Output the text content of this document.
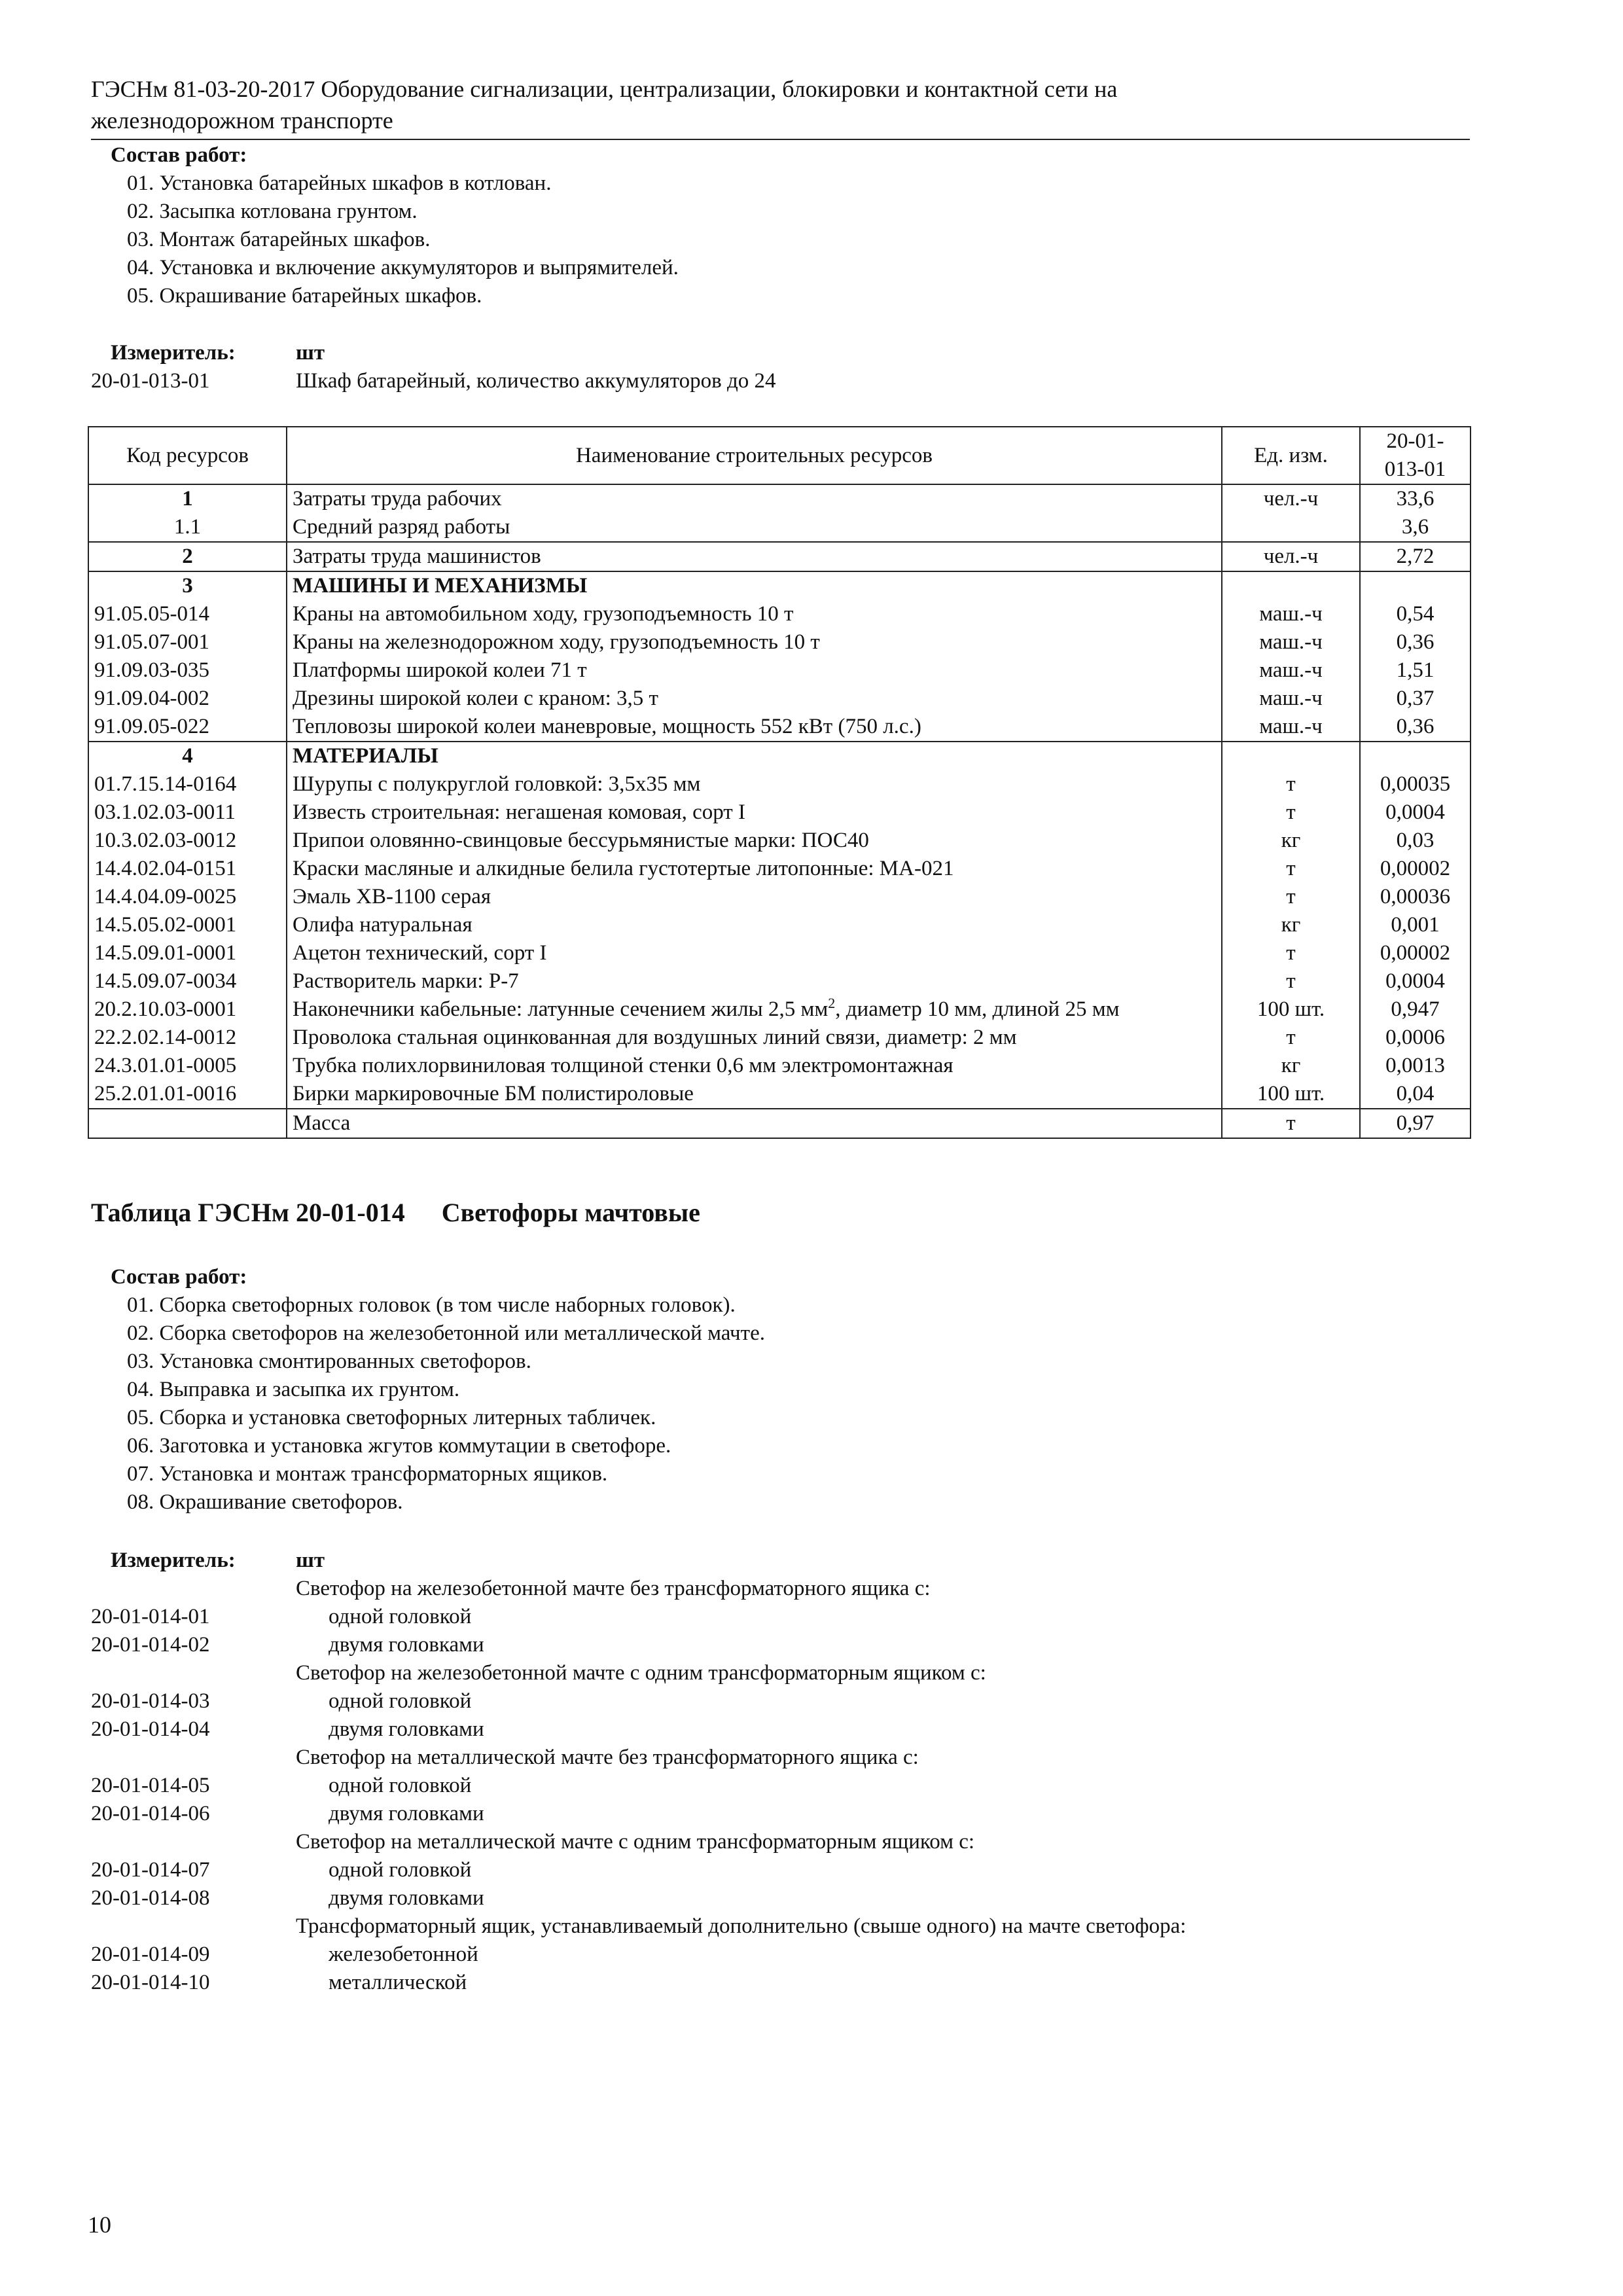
ГЭСНм 81-03-20-2017 Оборудование сигнализации, централизации, блокировки и контактной сети на
железнодорожном транспорте
Состав работ:
01. Установка батарейных шкафов в котлован.
02. Засыпка котлована грунтом.
03. Монтаж батарейных шкафов.
04. Установка и включение аккумуляторов и выпрямителей.
05. Окрашивание батарейных шкафов.
Измеритель:	шт
20-01-013-01	Шкаф батарейный, количество аккумуляторов до 24
Код ресурсов	Наименование строительных ресурсов	Ед. изм.	20-01-
013-01

1	Затраты труда рабочих	чел.-ч	33,6
1.1	Средний разряд работы		3,6
2	Затраты труда машинистов	чел.-ч	2,72
3	МАШИНЫ И МЕХАНИЗМЫ		
91.05.05-014	Краны на автомобильном ходу, грузоподъемность 10 т	маш.-ч	0,54
91.05.07-001	Краны на железнодорожном ходу, грузоподъемность 10 т	маш.-ч	0,36
91.09.03-035	Платформы широкой колеи 71 т	маш.-ч	1,51
91.09.04-002	Дрезины широкой колеи с краном: 3,5 т	маш.-ч	0,37
91.09.05-022	Тепловозы широкой колеи маневровые, мощность 552 кВт (750 л.с.)	маш.-ч	0,36
4	МАТЕРИАЛЫ		
01.7.15.14-0164	Шурупы с полукруглой головкой: 3,5х35 мм	т	0,00035
03.1.02.03-0011	Известь строительная: негашеная комовая, сорт I	т	0,0004
10.3.02.03-0012	Припои оловянно-свинцовые бессурьмянистые марки: ПОС40	кг	0,03
14.4.02.04-0151	Краски масляные и алкидные белила густотертые литопонные: МА-021	т	0,00002
14.4.04.09-0025	Эмаль ХВ-1100 серая	т	0,00036
14.5.05.02-0001	Олифа натуральная	кг	0,001
14.5.09.01-0001	Ацетон технический, сорт I	т	0,00002
14.5.09.07-0034	Растворитель марки: Р-7	т	0,0004
20.2.10.03-0001	Наконечники кабельные: латунные сечением жилы 2,5 $мм^2$, диаметр 10 мм, длиной 25 мм	100 шт.	0,947
22.2.02.14-0012	Проволока стальная оцинкованная для воздушных линий связи, диаметр: 2 мм	т	0,0006
24.3.01.01-0005	Трубка полихлорвиниловая толщиной стенки 0,6 мм электромонтажная	кг	0,0013
25.2.01.01-0016	Бирки маркировочные БМ полистироловые	100 шт.	0,04
	Масса	т	0,97
Таблица ГЭСНм 20-01-014 Светофоры мачтовые
Состав работ:
01. Сборка светофорных головок (в том числе наборных головок).
02. Сборка светофоров на железобетонной или металлической мачте.
03. Установка смонтированных светофоров.
04. Выправка и засыпка их грунтом.
05. Сборка и установка светофорных литерных табличек.
06. Заготовка и установка жгутов коммутации в светофоре.
07. Установка и монтаж трансформаторных ящиков.
08. Окрашивание светофоров.
Измеритель:	шт
Светофор на железобетонной мачте без трансформаторного ящика с:
20-01-014-01	одной головкой
20-01-014-02	двумя головками
Светофор на железобетонной мачте с одним трансформаторным ящиком с:
20-01-014-03	одной головкой
20-01-014-04	двумя головками
Светофор на металлической мачте без трансформаторного ящика с:
20-01-014-05	одной головкой
20-01-014-06	двумя головками
Светофор на металлической мачте с одним трансформаторным ящиком с:
20-01-014-07	одной головкой
20-01-014-08	двумя головками
Трансформаторный ящик, устанавливаемый дополнительно (свыше одного) на мачте светофора:
20-01-014-09	железобетонной
20-01-014-10	металлической
10
